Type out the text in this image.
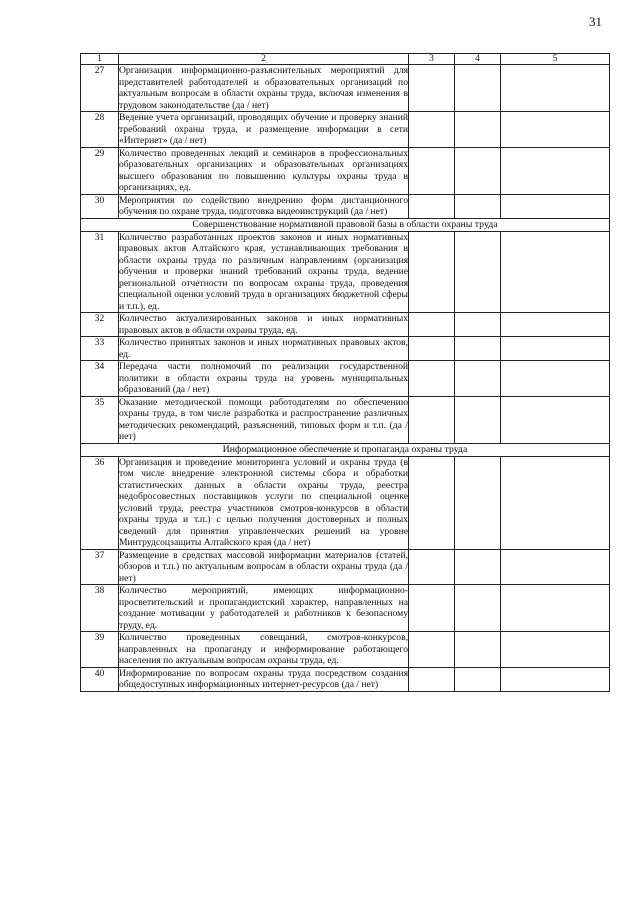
31
1	2	3	4	5
27	Организация информационно-разъяснительных мероприятий для представителей работодателей и образовательных организаций по актуальным вопросам в области охраны труда, включая изменения в трудовом законодательстве (да / нет)			
28	Ведение учета организаций, проводящих обучение и проверку знаний требований охраны труда, и размещение информации в сети «Интернет» (да / нет)			
29	Количество проведенных лекций и семинаров в профессиональных образовательных организациях и образовательных организациях высшего образования по повышению культуры охраны труда в организациях, ед.			
30	Мероприятия по содействию внедрению форм дистанционного обучения по охране труда, подготовка видеоинструкций (да / нет)			
Совершенствование нормативной правовой базы в области охраны труда				
31	Количество разработанных проектов законов и иных нормативных правовых актов Алтайского края, устанавливающих требования в области охраны труда по различным направлениям (организация обучения и проверки знаний требований охраны труда, ведение региональной отчетности по вопросам охраны труда, проведения специальной оценки условий труда в организациях бюджетной сферы и т.п.), ед.			
32	Количество актуализированных законов и иных нормативных правовых актов в области охраны труда, ед.			
33	Количество принятых законов и иных нормативных правовых актов, ед.			
34	Передача части полномочий по реализации государственной политики в области охраны труда на уровень муниципальных образований (да / нет)			
35	Оказание методической помощи работодателям по обеспечению охраны труда, в том числе разработка и распространение различных методических рекомендаций, разъяснений, типовых форм и т.п. (да / нет)			
Информационное обеспечение и пропаганда охраны труда				
36	Организация и проведение мониторинга условий и охраны труда (в том числе внедрение электронной системы сбора и обработки статистических данных в области охраны труда, реестра недобросовестных поставщиков услуги по специальной оценке условий труда, реестра участников смотров-конкурсов в области охраны труда и т.п.) с целью получения достоверных и полных сведений для принятия управленческих решений на уровне Минтрудсоцзащиты Алтайского края (да / нет)			
37	Размещение в средствах массовой информации материалов (статей, обзоров и т.п.) по актуальным вопросам в области охраны труда (да / нет)			
38	Количество мероприятий, имеющих информационно-просветительский и пропагандистский характер, направленных на создание мотивации у работодателей и работников к безопасному труду, ед.			
39	Количество проведенных совещаний, смотров-конкурсов, направленных на пропаганду и информирование работающего населения по актуальным вопросам охраны труда, ед.			
40	Информирование по вопросам охраны труда посредством создания общедоступных информационных интернет-ресурсов (да / нет)			
